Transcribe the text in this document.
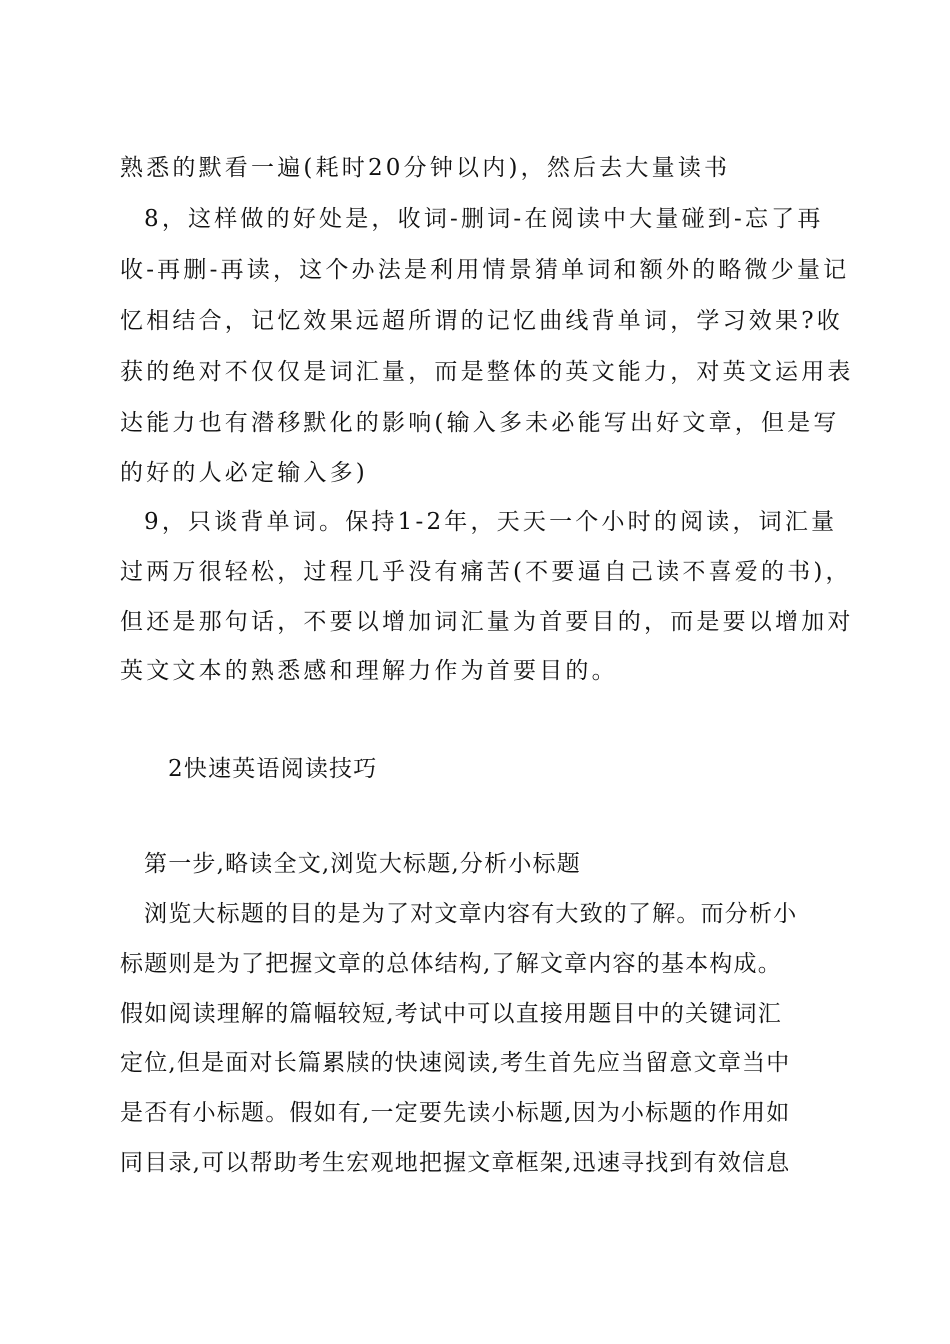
熟悉的默看一遍(耗时20分钟以内)，然后去大量读书
8，这样做的好处是，收词-删词-在阅读中大量碰到-忘了再
收-再删-再读，这个办法是利用情景猜单词和额外的略微少量记
忆相结合，记忆效果远超所谓的记忆曲线背单词，学习效果?收
获的绝对不仅仅是词汇量，而是整体的英文能力，对英文运用表
达能力也有潜移默化的影响(输入多未必能写出好文章，但是写
的好的人必定输入多)
9，只谈背单词。保持1-2年，天天一个小时的阅读，词汇量
过两万很轻松，过程几乎没有痛苦(不要逼自己读不喜爱的书)，
但还是那句话，不要以增加词汇量为首要目的，而是要以增加对
英文文本的熟悉感和理解力作为首要目的。
2快速英语阅读技巧
第一步,略读全文,浏览大标题,分析小标题
浏览大标题的目的是为了对文章内容有大致的了解。而分析小
标题则是为了把握文章的总体结构,了解文章内容的基本构成。
假如阅读理解的篇幅较短,考试中可以直接用题目中的关键词汇
定位,但是面对长篇累牍的快速阅读,考生首先应当留意文章当中
是否有小标题。假如有,一定要先读小标题,因为小标题的作用如
同目录,可以帮助考生宏观地把握文章框架,迅速寻找到有效信息
